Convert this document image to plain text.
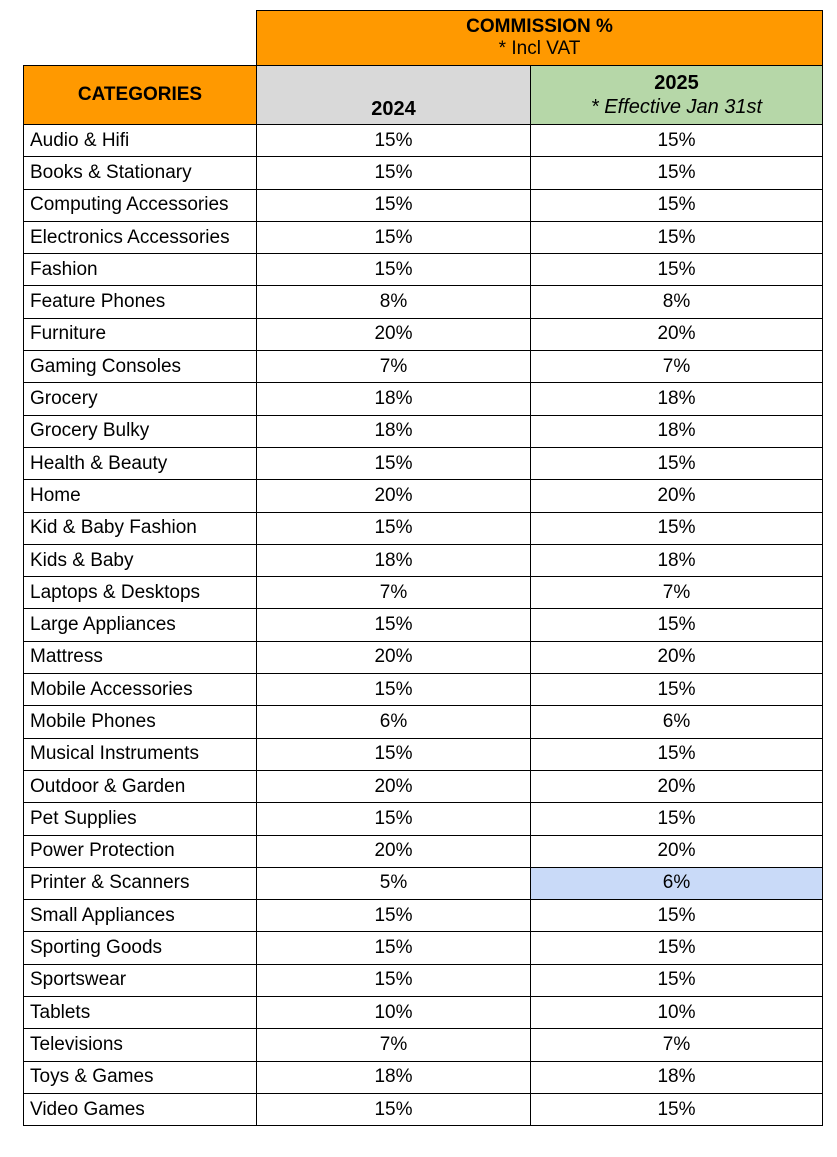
	COMMISSION %
* Incl VAT	

CATEGORIES	2024	2025
* Effective Jan 31st

Audio & Hifi	15%	15%
Books & Stationary	15%	15%
Computing Accessories	15%	15%
Electronics Accessories	15%	15%
Fashion	15%	15%
Feature Phones	8%	8%
Furniture	20%	20%
Gaming Consoles	7%	7%
Grocery	18%	18%
Grocery Bulky	18%	18%
Health & Beauty	15%	15%
Home	20%	20%
Kid & Baby Fashion	15%	15%
Kids & Baby	18%	18%
Laptops & Desktops	7%	7%
Large Appliances	15%	15%
Mattress	20%	20%
Mobile Accessories	15%	15%
Mobile Phones	6%	6%
Musical Instruments	15%	15%
Outdoor & Garden	20%	20%
Pet Supplies	15%	15%
Power Protection	20%	20%
Printer & Scanners	5%	6%
Small Appliances	15%	15%
Sporting Goods	15%	15%
Sportswear	15%	15%
Tablets	10%	10%
Televisions	7%	7%
Toys & Games	18%	18%
Video Games	15%	15%
